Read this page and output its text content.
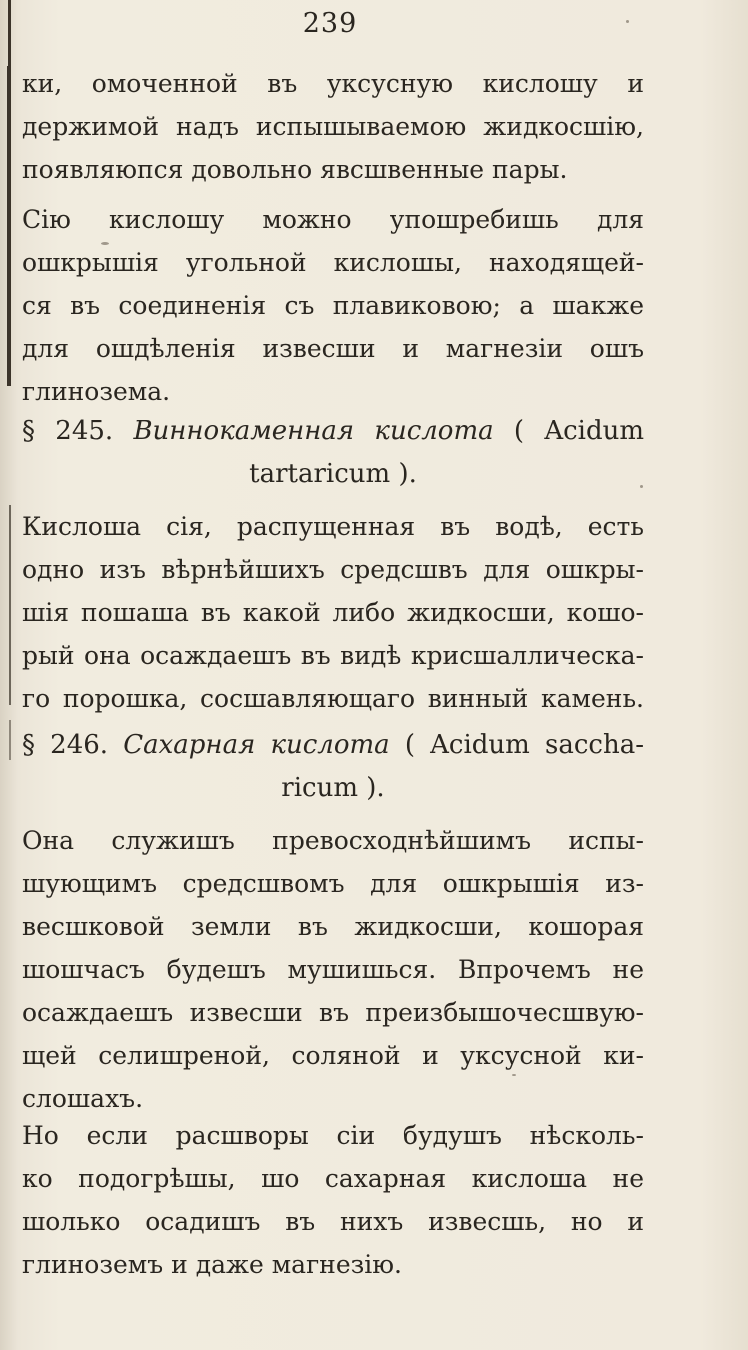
239
ки, омоченной въ уксусную кислошу и
держимой надъ испышываемою жидкосшію,
появляюпся довольно явсшвенные пары.
Сію кислошу можно упошребишь для
ошкрышія угольной кислошы, находящей-
ся въ соединенія съ плавиковою; а шакже
для ошдѣленія извесши и магнезіи ошъ
глинозема.
§ 245. Виннокаменная кислота ( Acidum
tartaricum ).
Кислоша сія, распущенная въ водѣ, есть
одно изъ вѣрнѣйшихъ средсшвъ для ошкры-
шія пошаша въ какой либо жидкосши, кошо-
рый она осаждаешъ въ видѣ крисшаллическа-
го порошка, сосшавляющаго винный камень.
§ 246. Сахарная кислота ( Acidum saccha-
ricum ).
Она служишъ превосходнѣйшимъ испы-
шующимъ средсшвомъ для ошкрышія из-
весшковой земли въ жидкосши, кошорая
шошчасъ будешъ мушишься. Впрочемъ не
осаждаешъ извесши въ преизбышочесшвую-
щей селишреной, соляной и уксусной ки-
слошахъ.
Но если расшворы сіи будушъ нѣсколь-
ко подогрѣшы, шо сахарная кислоша не
шолько осадишъ въ нихъ извесшь, но и
глиноземъ и даже магнезію.
